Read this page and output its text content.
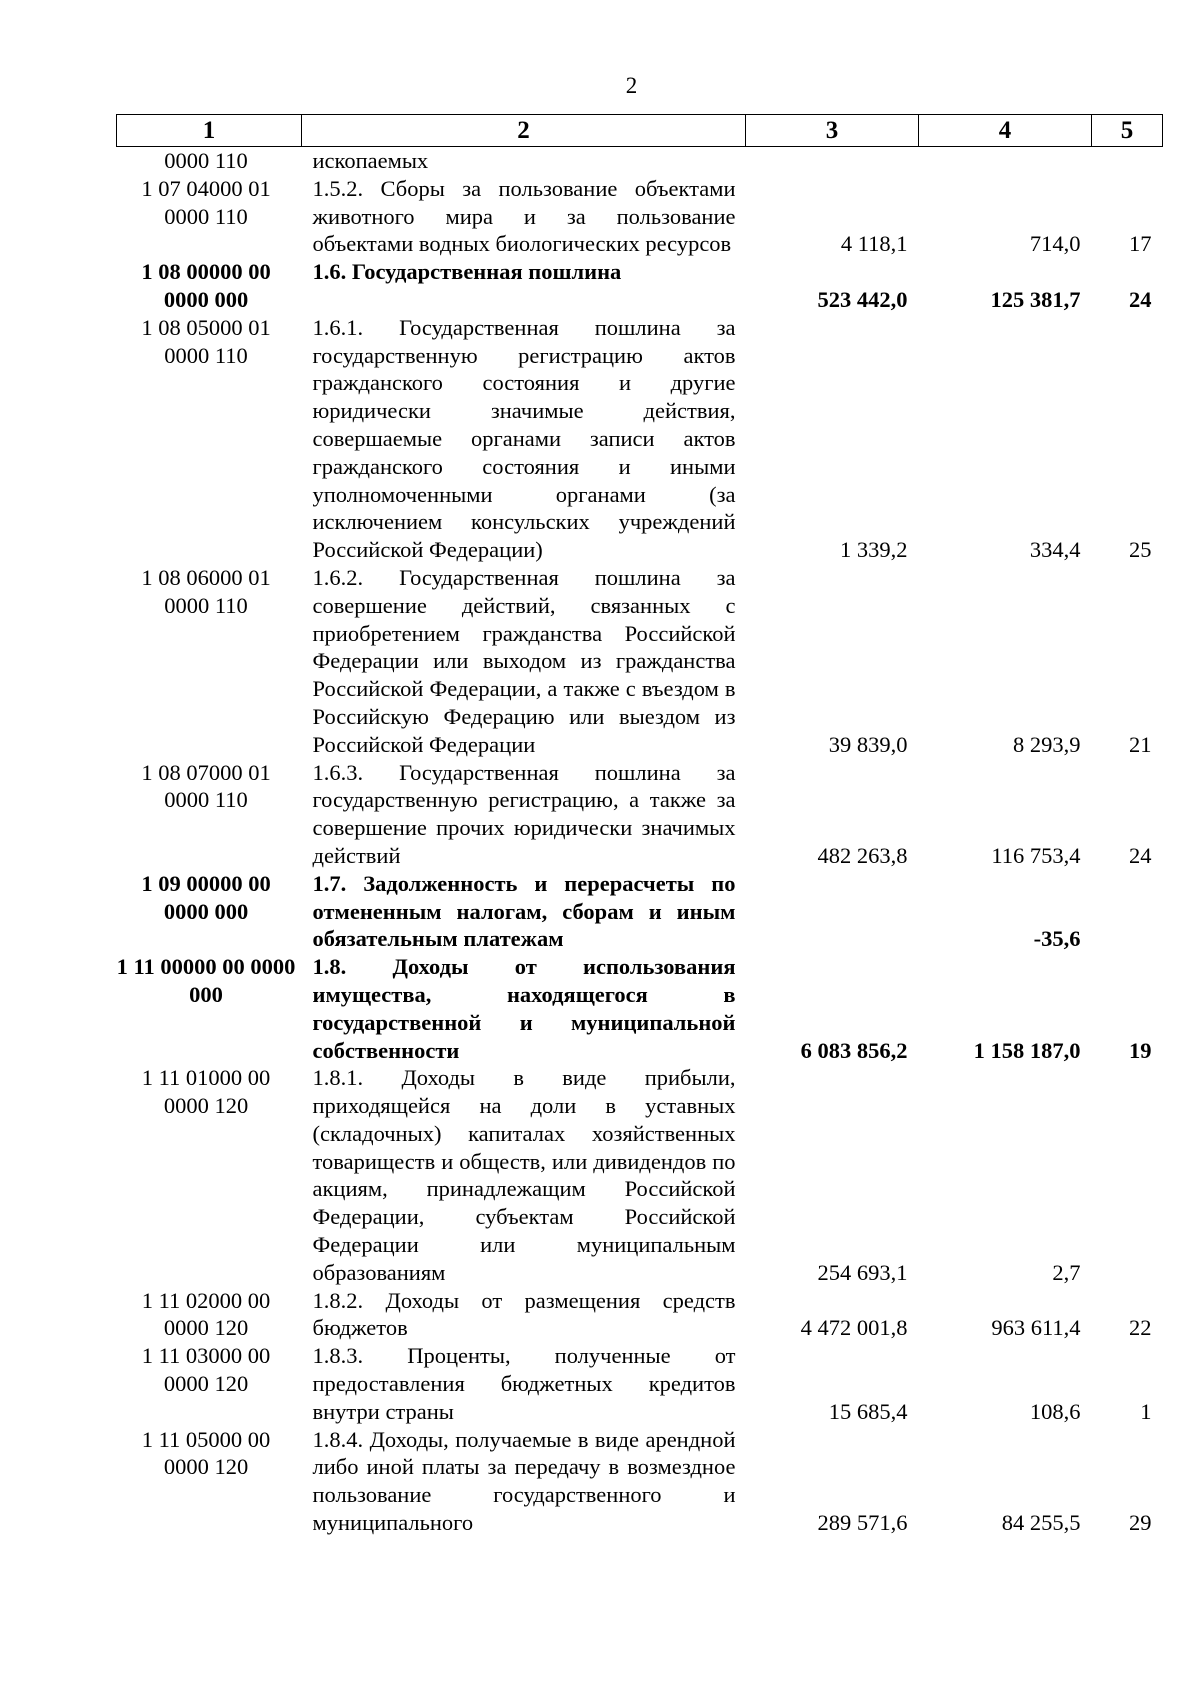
2
1	2	3	4	5
0000 110	ископаемых			
1 07 04000 01 0000 110	1.5.2. Сборы за пользование объектами животного мира и за пользование объектами водных биологических ресурсов	4 118,1	714,0	17
1 08 00000 00 0000 000	1.6. Государственная пошлина	523 442,0	125 381,7	24
1 08 05000 01 0000 110	1.6.1. Государственная пошлина за государственную регистрацию актов гражданского состояния и другие юридически значимые действия, совершаемые органами записи актов гражданского состояния и иными уполномоченными органами (за исключением консульских учреждений Российской Федерации)	1 339,2	334,4	25
1 08 06000 01 0000 110	1.6.2. Государственная пошлина за совершение действий, связанных с приобретением гражданства Российской Федерации или выходом из гражданства Российской Федерации, а также с въездом в Российскую Федерацию или выездом из Российской Федерации	39 839,0	8 293,9	21
1 08 07000 01 0000 110	1.6.3. Государственная пошлина за государственную регистрацию, а также за совершение прочих юридически значимых действий	482 263,8	116 753,4	24
1 09 00000 00 0000 000	1.7. Задолженность и перерасчеты по отмененным налогам, сборам и иным обязательным платежам		-35,6	
1 11 00000 00 0000 000	1.8. Доходы от использования имущества, находящегося в государственной и муниципальной собственности	6 083 856,2	1 158 187,0	19
1 11 01000 00 0000 120	1.8.1. Доходы в виде прибыли, приходящейся на доли в уставных (складочных) капиталах хозяйственных товариществ и обществ, или дивидендов по акциям, принадлежащим Российской Федерации, субъектам Российской Федерации или муниципальным образованиям	254 693,1	2,7	
1 11 02000 00 0000 120	1.8.2. Доходы от размещения средств бюджетов	4 472 001,8	963 611,4	22
1 11 03000 00 0000 120	1.8.3. Проценты, полученные от предоставления бюджетных кредитов внутри страны	15 685,4	108,6	1
1 11 05000 00 0000 120	1.8.4. Доходы, получаемые в виде арендной либо иной платы за передачу в возмездное пользование государственного и муниципального	289 571,6	84 255,5	29
